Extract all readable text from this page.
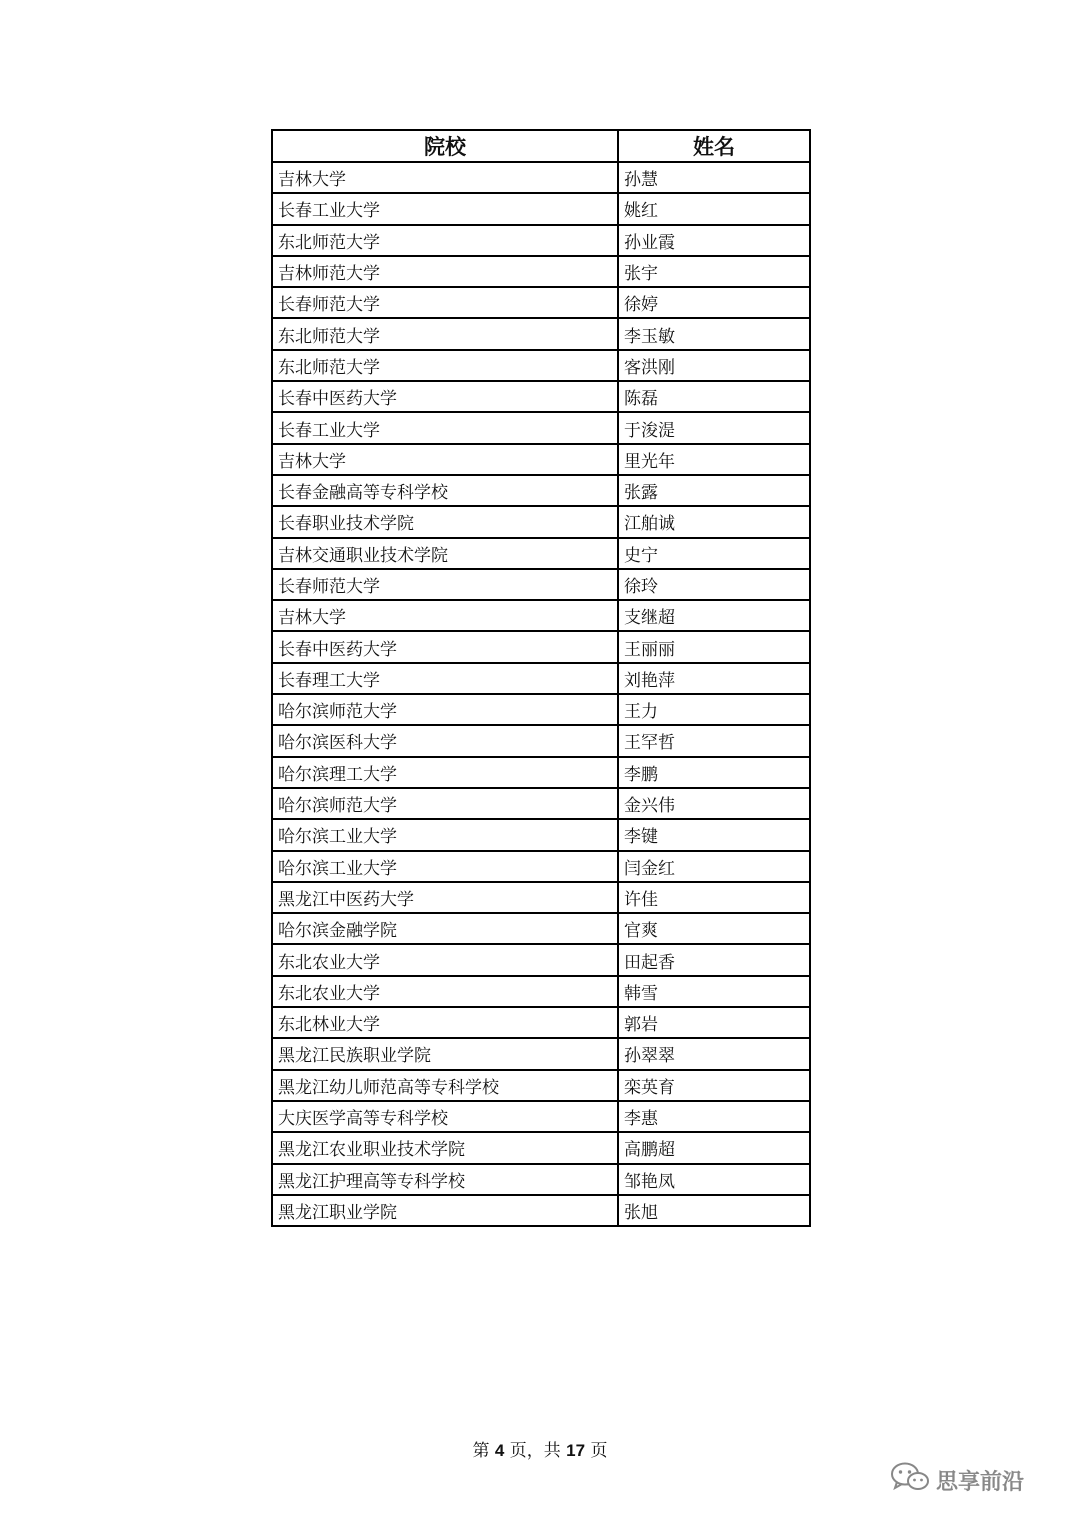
院校	姓名
吉林大学	孙慧
长春工业大学	姚红
东北师范大学	孙业霞
吉林师范大学	张宇
长春师范大学	徐婷
东北师范大学	李玉敏
东北师范大学	客洪刚
长春中医药大学	陈磊
长春工业大学	于浚湜
吉林大学	里光年
长春金融高等专科学校	张露
长春职业技术学院	江舶诚
吉林交通职业技术学院	史宁
长春师范大学	徐玲
吉林大学	支继超
长春中医药大学	王丽丽
长春理工大学	刘艳萍
哈尔滨师范大学	王力
哈尔滨医科大学	王罕哲
哈尔滨理工大学	李鹏
哈尔滨师范大学	金兴伟
哈尔滨工业大学	李键
哈尔滨工业大学	闫金红
黑龙江中医药大学	许佳
哈尔滨金融学院	官爽
东北农业大学	田起香
东北农业大学	韩雪
东北林业大学	郭岩
黑龙江民族职业学院	孙翠翠
黑龙江幼儿师范高等专科学校	栾英育
大庆医学高等专科学校	李惠
黑龙江农业职业技术学院	高鹏超
黑龙江护理高等专科学校	邹艳凤
黑龙江职业学院	张旭
第 4 页，共 17 页
思享前沿
